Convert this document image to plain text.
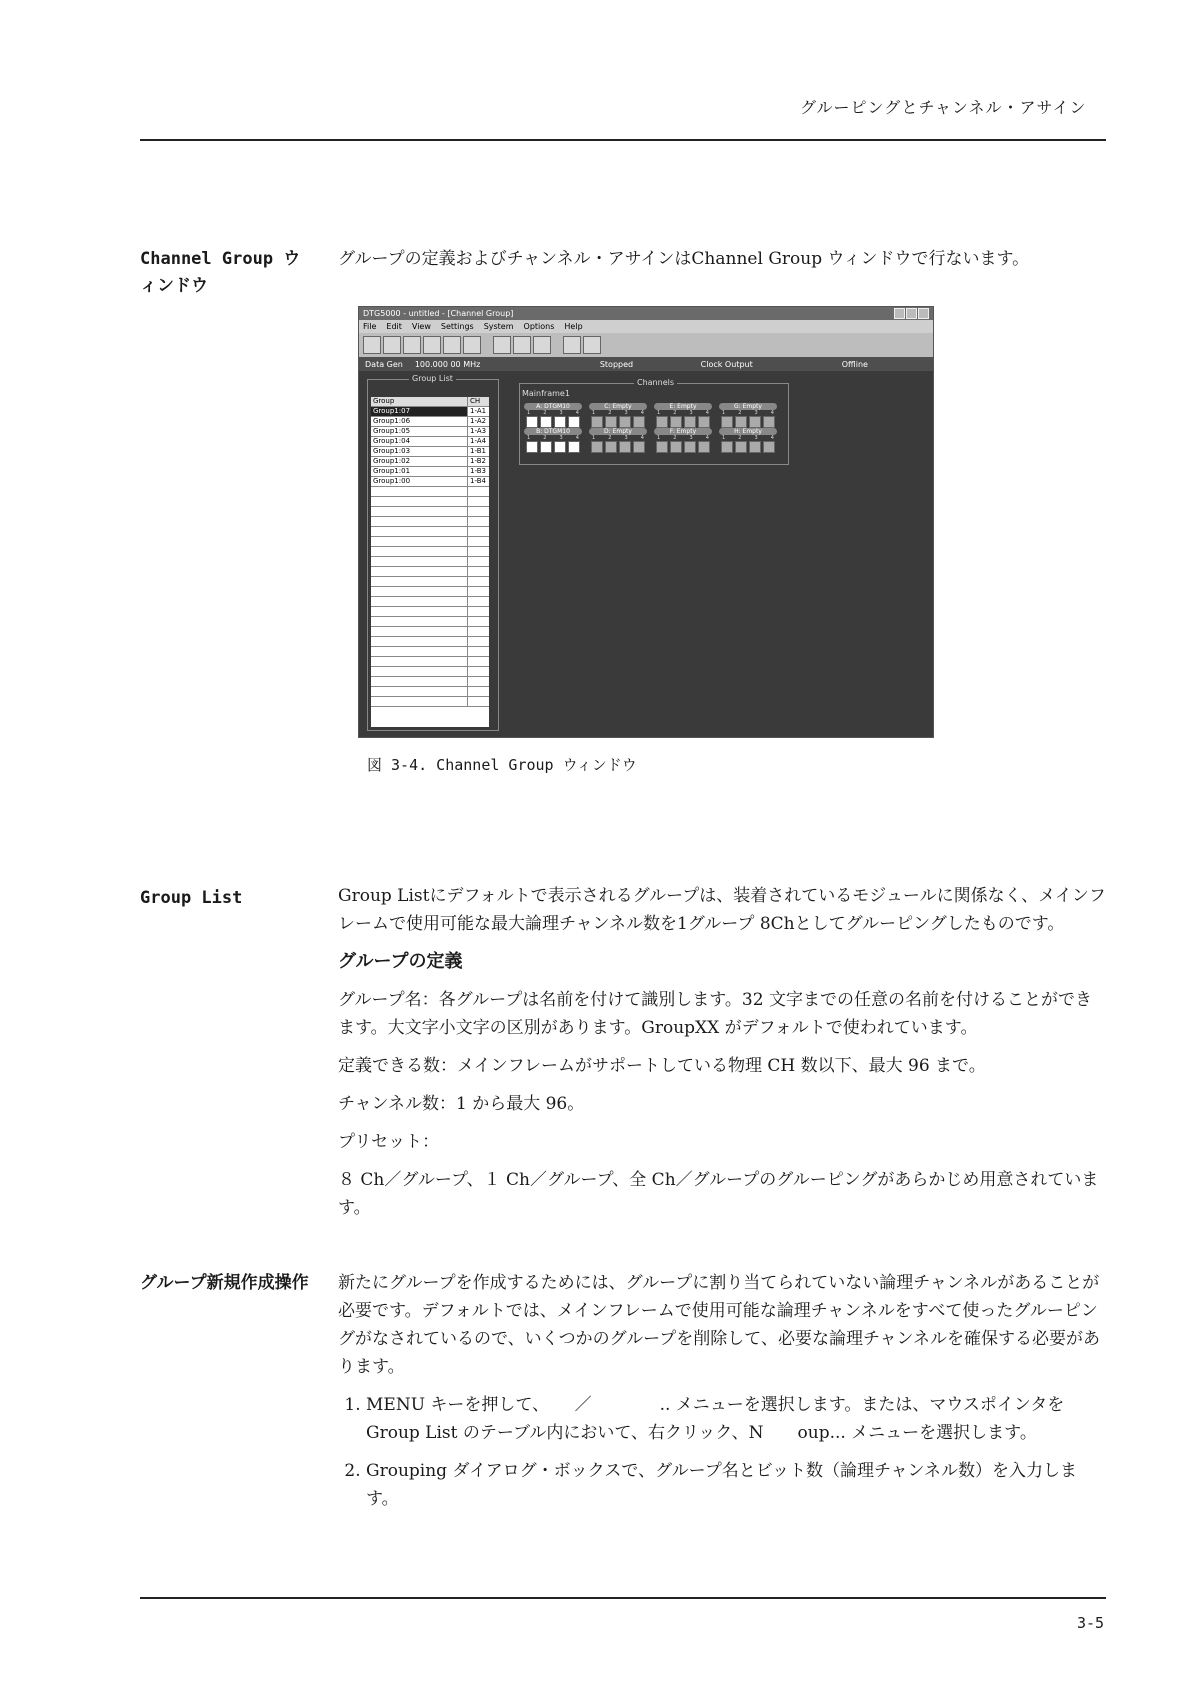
グルーピングとチャンネル・アサイン
Channel Group ウィンドウ
グループの定義およびチャンネル・アサインはChannel Group ウィンドウで行ないます。
DTG5000 - untitled - [Channel Group]
File Edit View Settings System Options Help
Data Gen	100.000 00 MHz	Stopped	Clock Output	Offline
Group List
Group	CH
Group1:07	1-A1
Group1:06	1-A2
Group1:05	1-A3
Group1:04	1-A4
Group1:03	1-B1
Group1:02	1-B2
Group1:01	1-B3
Group1:00	1-B4
Channels
Mainframe1
A: DTGM10
1	2	3	4
C: Empty
1	2	3	4
E: Empty
1	2	3	4
G: Empty
1	2	3	4
B: DTGM10
1	2	3	4
D: Empty
1	2	3	4
F: Empty
1	2	3	4
H: Empty
1	2	3	4
図 3-4. Channel Group ウィンドウ
Group List	Group Listにデフォルトで表示されるグループは、装着されているモジュールに関係なく、メインフレームで使用可能な最大論理チャンネル数を1グループ 8Chとしてグルーピングしたものです。

グループの定義

グループ名：各グループは名前を付けて識別します。32 文字までの任意の名前を付けることができます。大文字小文字の区別があります。GroupXX がデフォルトで使われています。

定義できる数：メインフレームがサポートしている物理 CH 数以下、最大 96 まで。

チャンネル数：1 から最大 96。

プリセット：

８ Ch／グループ、１ Ch／グループ、全 Ch／グループのグルーピングがあらかじめ用意されています。

グループ新規作成操作 新たにグループを作成するためには、グループに割り当てられていない論理チャンネルがあることが必要です。デフォルトでは、メインフレームで使用可能な論理チャンネルをすべて使ったグルーピングがなされているので、いくつかのグループを削除して、必要な論理チャンネルを確保する必要があります。

1. MENU キーを押して、　　／　　　　.. メニューを選択します。または、マウスポインタを Group List のテーブル内において、右クリック、N　　oup... メニューを選択します。
2. Grouping ダイアログ・ボックスで、グループ名とビット数（論理チャンネル数）を入力します。
3-5
